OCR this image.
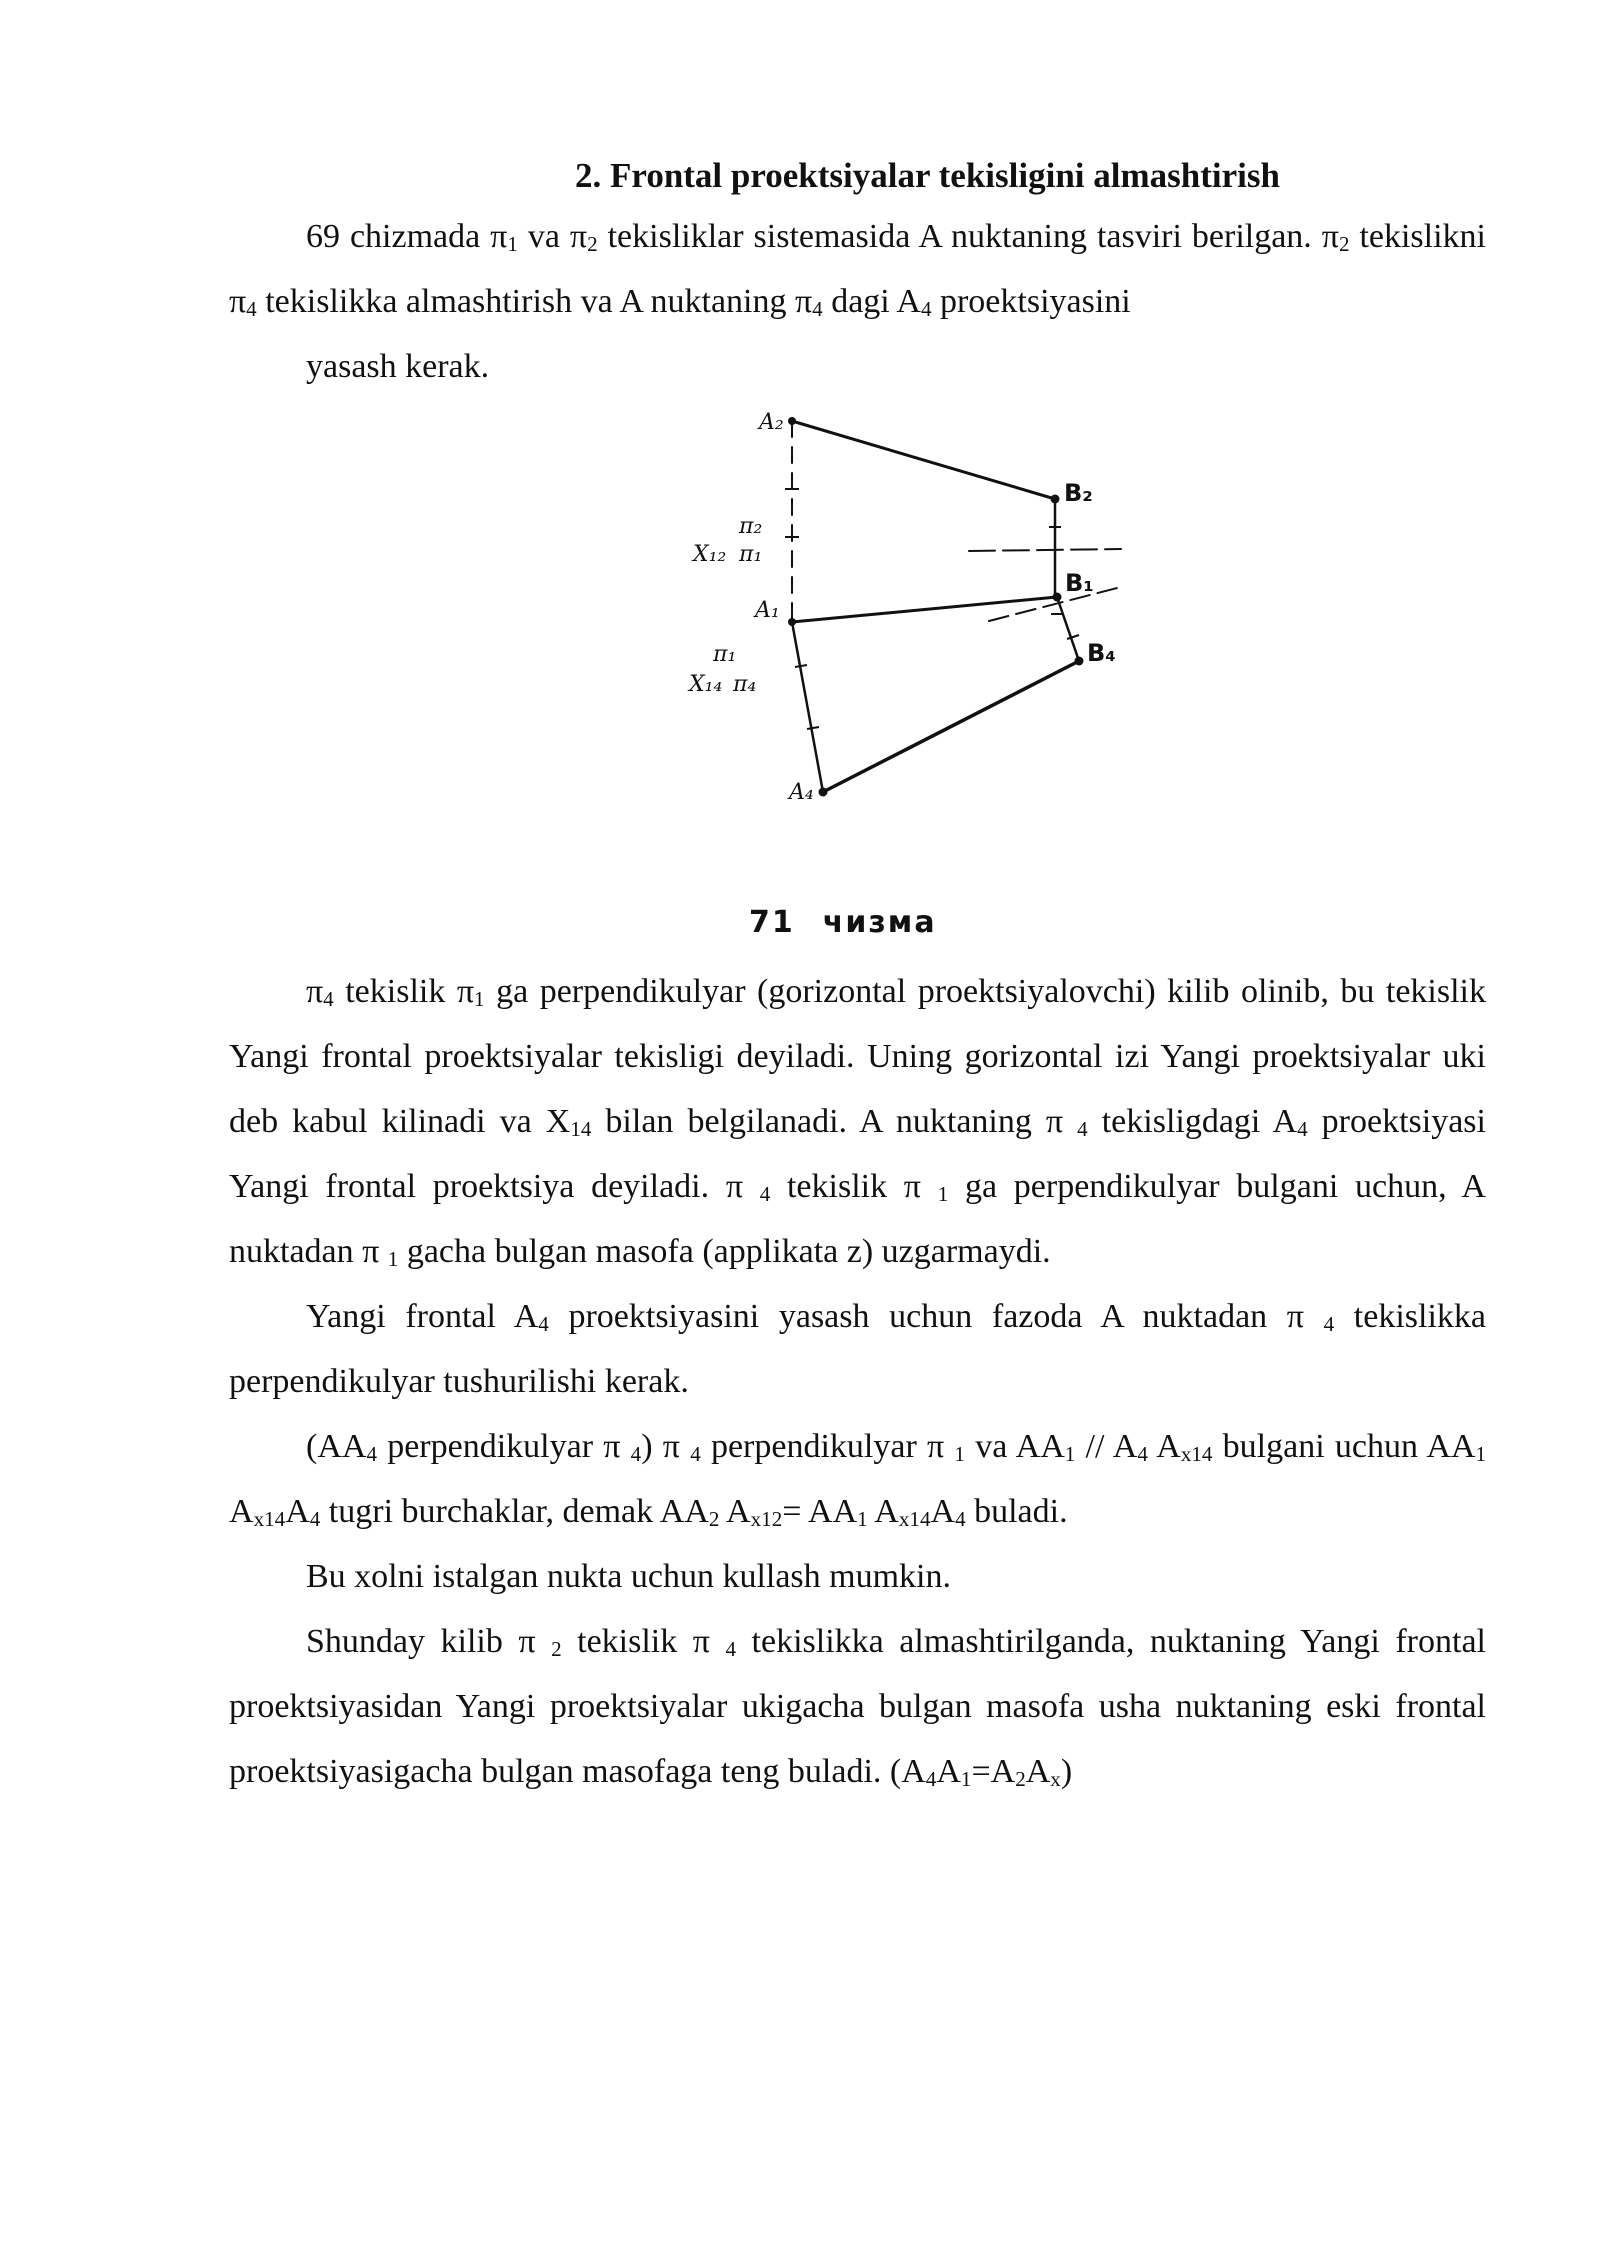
2. Frontal proektsiyalar tekisligini almashtirish

69 chizmada $\pi_1$ va $\pi_2$ tekisliklar sistemasida A nuktaning tasviri berilgan. $\pi_2$ tekislikni $\pi_4$ tekislikka almashtirish va A nuktaning $\pi_4$ dagi $A_4$ proektsiyasini

yasash kerak.

A₂
B₂
B₁
A₁
B₄
A₄
π₂
X₁₂ π₁
π₁
X₁₄ π₄
71 чизма

$\pi_4$ tekislik $\pi_1$ ga perpendikulyar (gorizontal proektsiyalovchi) kilib olinib, bu tekislik Yangi frontal proektsiyalar tekisligi deyiladi. Uning gorizontal izi Yangi proektsiyalar uki deb kabul kilinadi va $X_{14}$ bilan belgilanadi. A nuktaning π $_4$ tekisligdagi $A_4$ proektsiyasi Yangi frontal proektsiya deyiladi. π $_4$ tekislik π $_1$ ga perpendikulyar bulgani uchun, A nuktadan π $_1$ gacha bulgan masofa (applikata z) uzgarmaydi.

Yangi frontal $A_4$ proektsiyasini yasash uchun fazoda A nuktadan π $_4$ tekislikka perpendikulyar tushurilishi kerak.

($AA_4$ perpendikulyar π $_4$) π $_4$ perpendikulyar π $_1$ va $AA_1 // A_4$ $A_{x14}$ bulgani uchun $AA_1$ $A_{x14}A_4$ tugri burchaklar, demak $AA_2$ $A_{x12}= AA_1$ $A_{x14}A_4$ buladi.

Bu xolni istalgan nukta uchun kullash mumkin.

Shunday kilib π $_2$ tekislik π $_4$ tekislikka almashtirilganda, nuktaning Yangi frontal proektsiyasidan Yangi proektsiyalar ukigacha bulgan masofa usha nuktaning eski frontal proektsiyasigacha bulgan masofaga teng buladi. $(A_4A_1=A_2A_x)$
